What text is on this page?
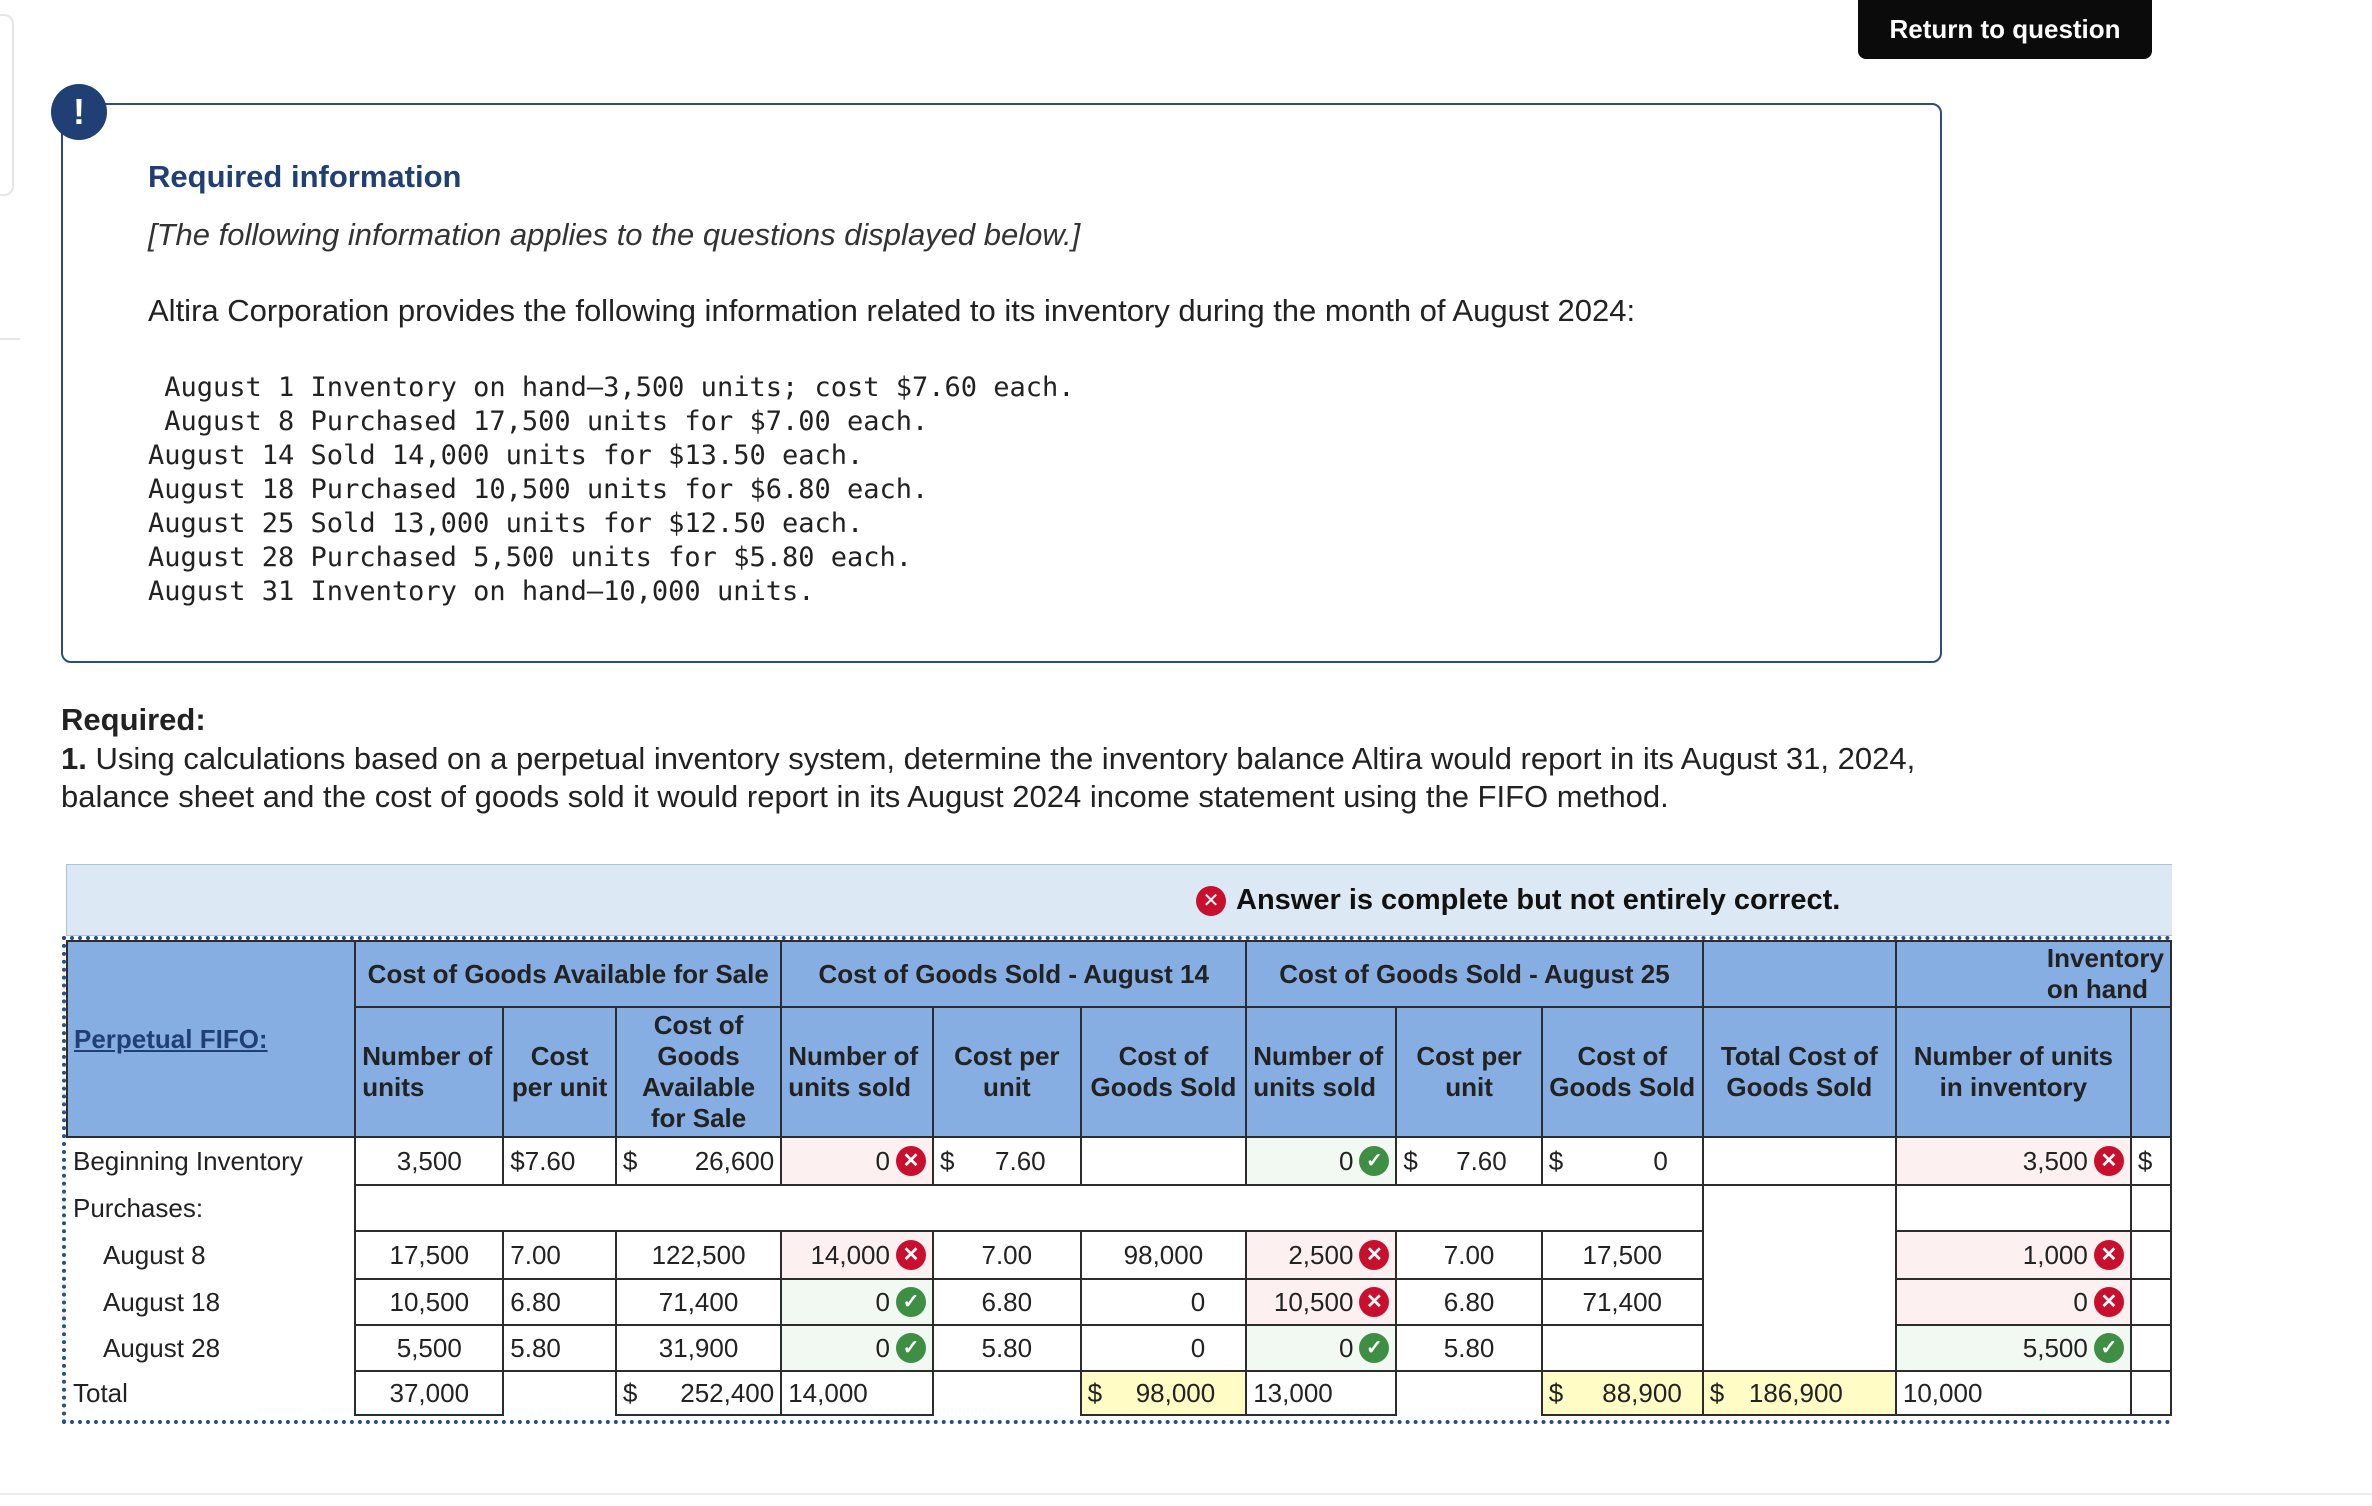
Return to question
!
Required information
[The following information applies to the questions displayed below.]
Altira Corporation provides the following information related to its inventory during the month of August 2024:
August 1 Inventory on hand—3,500 units; cost $7.60 each.
August 8 Purchased 17,500 units for $7.00 each.
August 14 Sold 14,000 units for $13.50 each.
August 18 Purchased 10,500 units for $6.80 each.
August 25 Sold 13,000 units for $12.50 each.
August 28 Purchased 5,500 units for $5.80 each.
August 31 Inventory on hand—10,000 units.
Required:
1. Using calculations based on a perpetual inventory system, determine the inventory balance Altira would report in its August 31, 2024, balance sheet and the cost of goods sold it would report in its August 2024 income statement using the FIFO method.
✕ Answer is complete but not entirely correct.
Perpetual FIFO:	Cost of Goods Available for Sale			Cost of Goods Sold - August 14			Cost of Goods Sold - August 25				Inventory on hand	
	Number of units	Cost per unit	Cost of Goods Available for Sale	Number of units sold	Cost per unit	Cost of Goods Sold	Number of units sold	Cost per unit	Cost of Goods Sold	Total Cost of Goods Sold	Number of units in inventory	
Beginning Inventory	3,500	$7.60	$ 26,600	0 ✕	$ 7.60		0 ✓	$ 7.60	$ 0		3,500 ✕	$
Purchases:												
August 8	17,500	7.00	122,500	14,000 ✕	7.00	98,000	2,500 ✕	7.00	17,500		1,000 ✕	

August 18	10,500	6.80	71,400	0 ✓	6.80	0	10,500 ✕	6.80	71,400		0 ✕	

August 28	5,500	5.80	31,900	0 ✓	5.80	0	0 ✓	5.80			5,500 ✓	

Total	37,000		$ 252,400	14,000		$ 98,000	13,000		$ 88,900	$ 186,900	10,000	
